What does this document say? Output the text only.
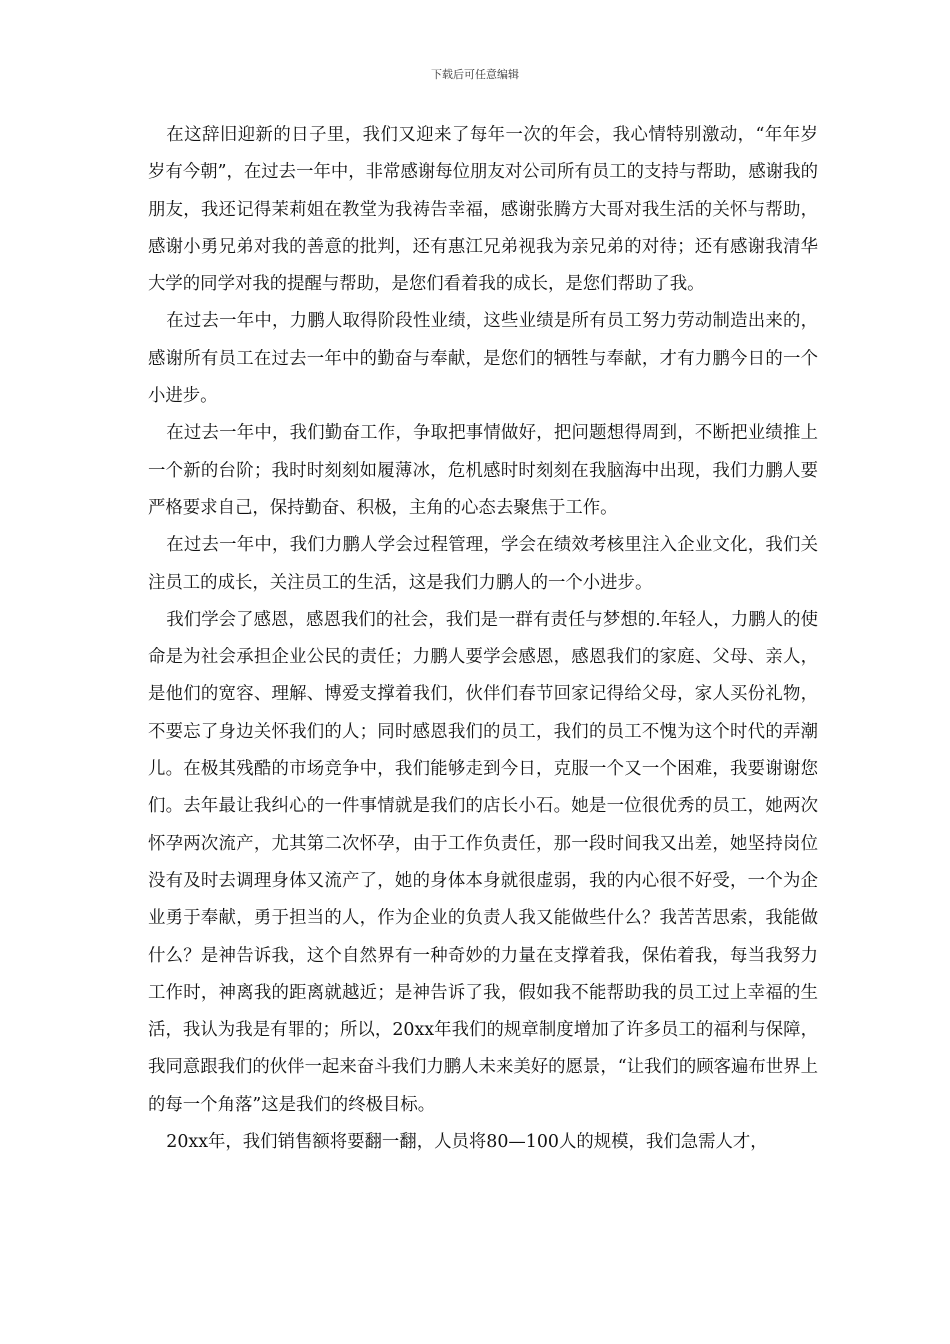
下载后可任意编辑

在这辞旧迎新的日子里，我们又迎来了每年一次的年会，我心情特别激动，“年年岁岁有今朝”，在过去一年中，非常感谢每位朋友对公司所有员工的支持与帮助，感谢我的朋友，我还记得茉莉姐在教堂为我祷告幸福，感谢张腾方大哥对我生活的关怀与帮助，感谢小勇兄弟对我的善意的批判，还有惠江兄弟视我为亲兄弟的对待；还有感谢我清华大学的同学对我的提醒与帮助，是您们看着我的成长，是您们帮助了我。

在过去一年中，力鹏人取得阶段性业绩，这些业绩是所有员工努力劳动制造出来的，感谢所有员工在过去一年中的勤奋与奉献，是您们的牺牲与奉献，才有力鹏今日的一个小进步。

在过去一年中，我们勤奋工作，争取把事情做好，把问题想得周到，不断把业绩推上一个新的台阶；我时时刻刻如履薄冰，危机感时时刻刻在我脑海中出现，我们力鹏人要严格要求自己，保持勤奋、积极，主角的心态去聚焦于工作。

在过去一年中，我们力鹏人学会过程管理，学会在绩效考核里注入企业文化，我们关注员工的成长，关注员工的生活，这是我们力鹏人的一个小进步。

我们学会了感恩，感恩我们的社会，我们是一群有责任与梦想的.年轻人，力鹏人的使命是为社会承担企业公民的责任；力鹏人要学会感恩，感恩我们的家庭、父母、亲人，是他们的宽容、理解、博爱支撑着我们，伙伴们春节回家记得给父母，家人买份礼物，不要忘了身边关怀我们的人；同时感恩我们的员工，我们的员工不愧为这个时代的弄潮儿。在极其残酷的市场竞争中，我们能够走到今日，克服一个又一个困难，我要谢谢您们。去年最让我纠心的一件事情就是我们的店长小石。她是一位很优秀的员工，她两次怀孕两次流产，尤其第二次怀孕，由于工作负责任，那一段时间我又出差，她坚持岗位没有及时去调理身体又流产了，她的身体本身就很虚弱，我的内心很不好受，一个为企业勇于奉献，勇于担当的人，作为企业的负责人我又能做些什么？我苦苦思索，我能做什么？是神告诉我，这个自然界有一种奇妙的力量在支撑着我，保佑着我，每当我努力工作时，神离我的距离就越近；是神告诉了我，假如我不能帮助我的员工过上幸福的生活，我认为我是有罪的；所以，20xx年我们的规章制度增加了许多员工的福利与保障，我同意跟我们的伙伴一起来奋斗我们力鹏人未来美好的愿景，“让我们的顾客遍布世界上的每一个角落”这是我们的终极目标。

20xx年，我们销售额将要翻一翻，人员将80—100人的规模，我们急需人才，
